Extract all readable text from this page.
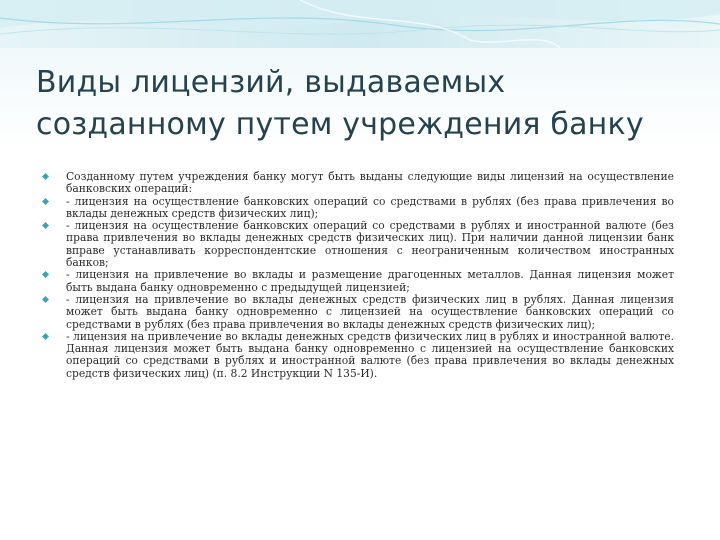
Виды лицензий, выдаваемых созданному путем учреждения банку
Созданному путем учреждения банку могут быть выданы следующие виды лицензий на осуществление банковских операций:
- лицензия на осуществление банковских операций со средствами в рублях (без права привлечения во вклады денежных средств физических лиц);
- лицензия на осуществление банковских операций со средствами в рублях и иностранной валюте (без права привлечения во вклады денежных средств физических лиц). При наличии данной лицензии банк вправе устанавливать корреспондентские отношения с неограниченным количеством иностранных банков;
- лицензия на привлечение во вклады и размещение драгоценных металлов. Данная лицензия может быть выдана банку одновременно с предыдущей лицензией;
- лицензия на привлечение во вклады денежных средств физических лиц в рублях. Данная лицензия может быть выдана банку одновременно с лицензией на осуществление банковских операций со средствами в рублях (без права привлечения во вклады денежных средств физических лиц);
- лицензия на привлечение во вклады денежных средств физических лиц в рублях и иностранной валюте. Данная лицензия может быть выдана банку одновременно с лицензией на осуществление банковских операций со средствами в рублях и иностранной валюте (без права привлечения во вклады денежных средств физических лиц) (п. 8.2 Инструкции N 135-И).
